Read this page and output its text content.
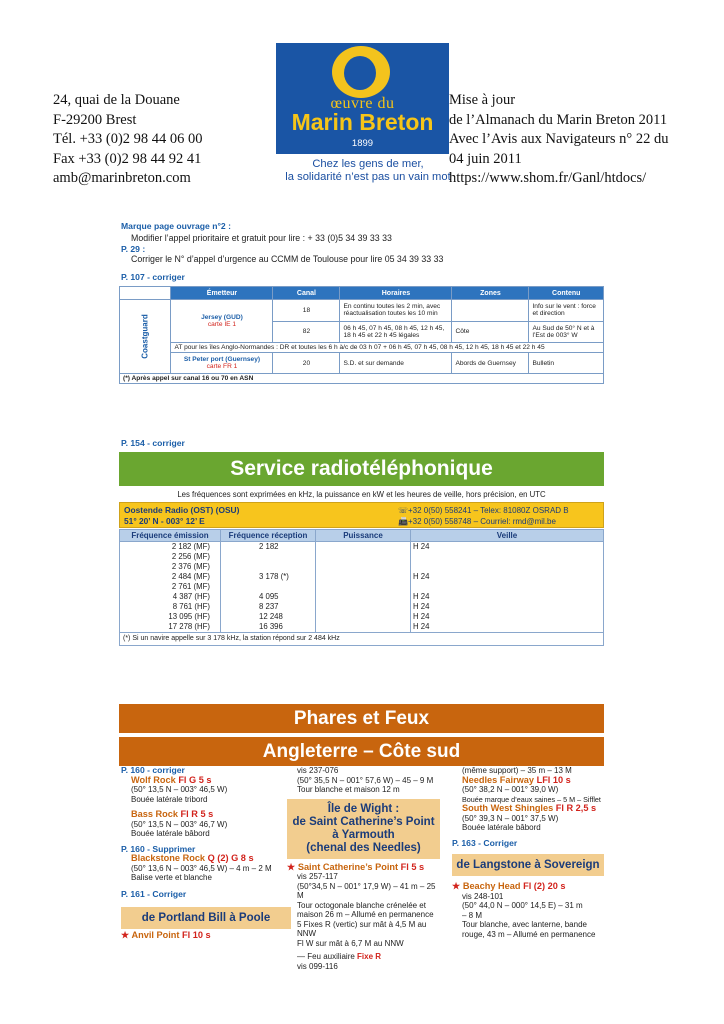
24, quai de la Douane
F-29200 Brest
Tél. +33 (0)2 98 44 06 00
Fax +33 (0)2 98 44 92 41
amb@marinbreton.com
œuvre du
Marin Breton
1899
Chez les gens de mer,
la solidarité n’est pas un vain mot
Mise à jour
de l’Almanach du Marin Breton 2011
Avec l’Avis aux Navigateurs n° 22 du
04 juin 2011
https://www.shom.fr/Ganl/htdocs/
Marque page ouvrage n°2 :
Modifier l’appel prioritaire et gratuit pour lire : + 33 (0)5 34 39 33 33
P. 29 :
Corriger le N° d’appel d’urgence au CCMM de Toulouse pour lire 05 34 39 33 33
P. 107 - corriger
	Émetteur	Canal	Horaires	Zones	Contenu
Coastguard	Jersey (GUD)
carte IE 1	18	En continu toutes les 2 min, avec réactualisation toutes les 10 min		Info sur le vent : force et direction
		82	06 h 45, 07 h 45, 08 h 45, 12 h 45, 18 h 45 et 22 h 45 légales	Côte	Au Sud de 50° N et à l’Est de 003° W
	AT pour les îles Anglo-Normandes : DR et toutes les 6 h à/c de 03 h 07 + 06 h 45, 07 h 45, 08 h 45, 12 h 45, 18 h 45 et 22 h 45				

	St Peter port (Guernsey)
carte FR 1	20	S.D. et sur demande	Abords de Guernsey	Bulletin
(*) Après appel sur canal 16 ou 70 en ASN					
P. 154 - corriger
Service radiotéléphonique
Les fréquences sont exprimées en kHz, la puissance en kW et les heures de veille, hors précision, en UTC
Oostende Radio (OST) (OSU)
51° 20’ N - 003° 12’ E
☏+32 0(50) 558241 – Telex: 81080Z OSRAD B
📠+32 0(50) 558748 – Courriel: rmd@mil.be
Fréquence émission	Fréquence réception	Puissance	Veille
2 182 (MF)	2 182		H 24
2 256 (MF)			
2 376 (MF)			
2 484 (MF)	3 178 (*)		H 24
2 761 (MF)			
4 387 (HF)	4 095		H 24
8 761 (HF)	8 237		H 24
13 095 (HF)	12 248		H 24
17 278 (HF)	16 396		H 24
(*) Si un navire appelle sur 3 178 kHz, la station répond sur 2 484 kHz			
Phares et Feux
Angleterre – Côte sud
P. 160 - corriger
Wolf Rock Fl G 5 s
(50° 13,5 N – 003° 46,5 W)
Bouée latérale tribord
Bass Rock Fl R 5 s
(50° 13,5 N – 003° 46,7 W)
Bouée latérale bâbord
P. 160 - Supprimer
Blackstone Rock Q (2) G 8 s
(50° 13,6 N – 003° 46,5 W) – 4 m – 2 M
Balise verte et blanche
P. 161 - Corriger
de Portland Bill à Poole
★ Anvil Point Fl 10 s
vis 237-076
(50° 35,5 N – 001° 57,6 W) – 45 – 9 M
Tour blanche et maison 12 m
Île de Wight :
de Saint Catherine’s Point
à Yarmouth
(chenal des Needles)
★ Saint Catherine’s Point Fl 5 s
vis 257-117
(50°34,5 N – 001° 17,9 W) – 41 m – 25 M
Tour octogonale blanche crénelée et
maison 26 m – Allumé en permanence
5 Fixes R (vertic) sur mât à 4,5 M au NNW
Fl W sur mât à 6,7 M au NNW
— Feu auxiliaire Fixe R
vis 099-116
(même support) – 35 m – 13 M
Needles Fairway LFl 10 s
(50° 38,2 N – 001° 39,0 W)
Bouée marque d’eaux saines – 5 M – Sifflet
South West Shingles Fl R 2,5 s
(50° 39,3 N – 001° 37,5 W)
Bouée latérale bâbord
P. 163 - Corriger
de Langstone à Sovereign
★ Beachy Head Fl (2) 20 s
vis 248-101
(50° 44,0 N – 000° 14,5 E) – 31 m
– 8 M
Tour blanche, avec lanterne, bande
rouge, 43 m – Allumé en permanence
